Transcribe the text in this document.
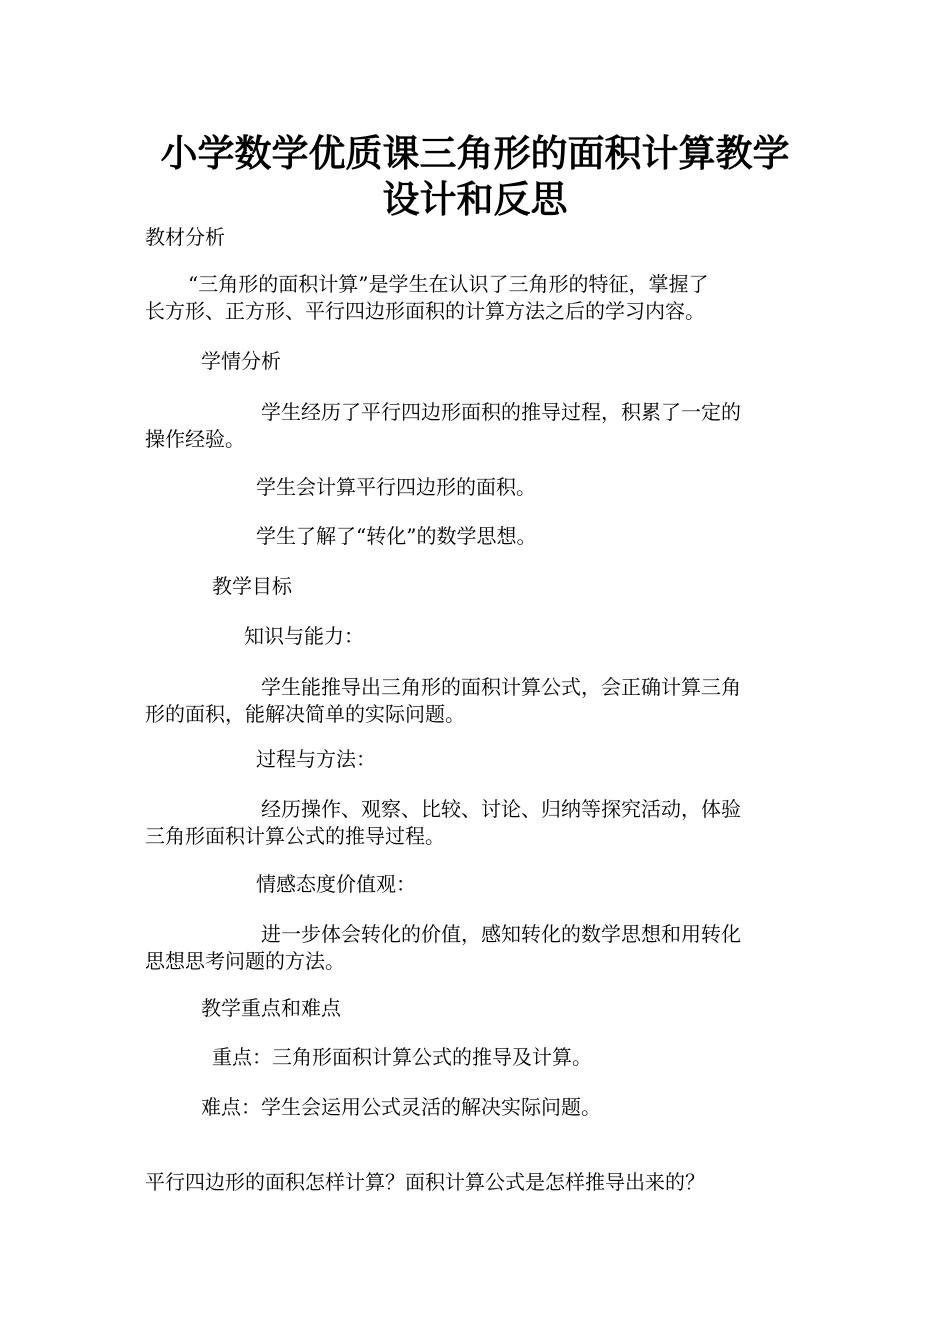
小学数学优质课三角形的面积计算教学
设计和反思

教材分析

“三角形的面积计算”是学生在认识了三角形的特征，掌握了
长方形、正方形、平行四边形面积的计算方法之后的学习内容。

学情分析

学生经历了平行四边形面积的推导过程，积累了一定的
操作经验。

学生会计算平行四边形的面积。

学生了解了“转化”的数学思想。

教学目标

知识与能力：

学生能推导出三角形的面积计算公式，会正确计算三角
形的面积，能解决简单的实际问题。

过程与方法：

经历操作、观察、比较、讨论、归纳等探究活动，体验
三角形面积计算公式的推导过程。

情感态度价值观：

进一步体会转化的价值，感知转化的数学思想和用转化
思想思考问题的方法。

教学重点和难点

重点：三角形面积计算公式的推导及计算。

难点：学生会运用公式灵活的解决实际问题。

平行四边形的面积怎样计算？面积计算公式是怎样推导出来的？
